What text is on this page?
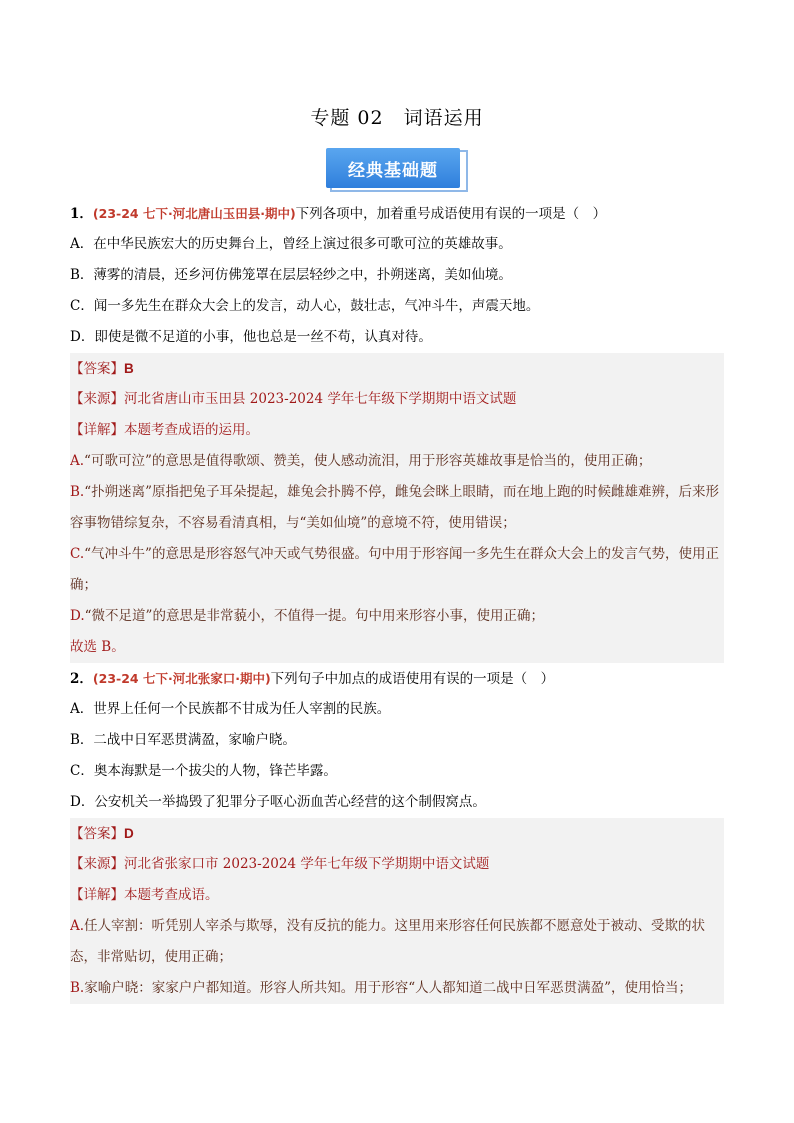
专题 02　词语运用
经典基础题
1．(23-24 七下·河北唐山玉田县·期中)下列各项中，加着重号成语使用有误的一项是（　）
A．在中华民族宏大的历史舞台上，曾经上演过很多可歌可泣的英雄故事。
B．薄雾的清晨，还乡河仿佛笼罩在层层轻纱之中，扑朔迷离，美如仙境。
C．闻一多先生在群众大会上的发言，动人心，鼓壮志，气冲斗牛，声震天地。
D．即使是微不足道的小事，他也总是一丝不苟，认真对待。
【答案】B
【来源】河北省唐山市玉田县 2023-2024 学年七年级下学期期中语文试题
【详解】本题考查成语的运用。
A.“可歌可泣”的意思是值得歌颂、赞美，使人感动流泪，用于形容英雄故事是恰当的，使用正确；
B.“扑朔迷离”原指把兔子耳朵提起，雄兔会扑腾不停，雌兔会眯上眼睛，而在地上跑的时候雌雄难辨，后来形容事物错综复杂，不容易看清真相，与“美如仙境”的意境不符，使用错误；
C.“气冲斗牛”的意思是形容怒气冲天或气势很盛。句中用于形容闻一多先生在群众大会上的发言气势，使用正确；
D.“微不足道”的意思是非常藐小，不值得一提。句中用来形容小事，使用正确；
故选 B。
2．(23-24 七下·河北张家口·期中)下列句子中加点的成语使用有误的一项是（　）
A．世界上任何一个民族都不甘成为任人宰割的民族。
B．二战中日军恶贯满盈，家喻户晓。
C．奥本海默是一个拔尖的人物，锋芒毕露。
D．公安机关一举捣毁了犯罪分子呕心沥血苦心经营的这个制假窝点。
【答案】D
【来源】河北省张家口市 2023-2024 学年七年级下学期期中语文试题
【详解】本题考查成语。
A.任人宰割：听凭别人宰杀与欺辱，没有反抗的能力。这里用来形容任何民族都不愿意处于被动、受欺的状态，非常贴切，使用正确；
B.家喻户晓：家家户户都知道。形容人所共知。用于形容“人人都知道二战中日军恶贯满盈”，使用恰当；
